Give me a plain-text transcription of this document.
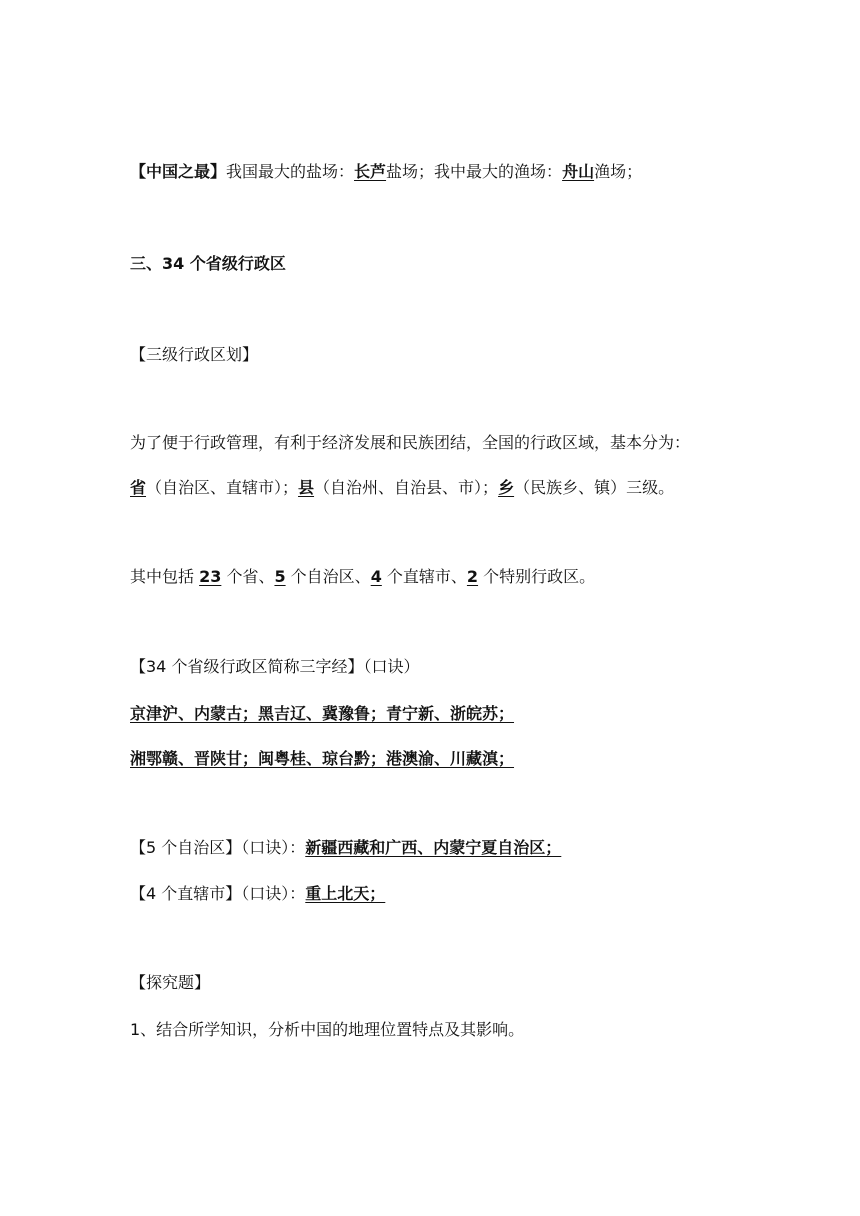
【中国之最】我国最大的盐场：长芦盐场；我中最大的渔场：舟山渔场；
三、34 个省级行政区
【三级行政区划】
为了便于行政管理，有利于经济发展和民族团结，全国的行政区域，基本分为：
省（自治区、直辖市）；县（自治州、自治县、市）；乡（民族乡、镇）三级。
其中包括 23 个省、5 个自治区、4 个直辖市、2 个特别行政区。
【34 个省级行政区简称三字经】（口诀）
京津沪、内蒙古；黑吉辽、冀豫鲁；青宁新、浙皖苏；
湘鄂赣、晋陕甘；闽粤桂、琼台黔；港澳渝、川藏滇；
【5 个自治区】（口诀）：新疆西藏和广西、内蒙宁夏自治区；
【4 个直辖市】（口诀）：重上北天；
【探究题】
1、结合所学知识，分析中国的地理位置特点及其影响。
